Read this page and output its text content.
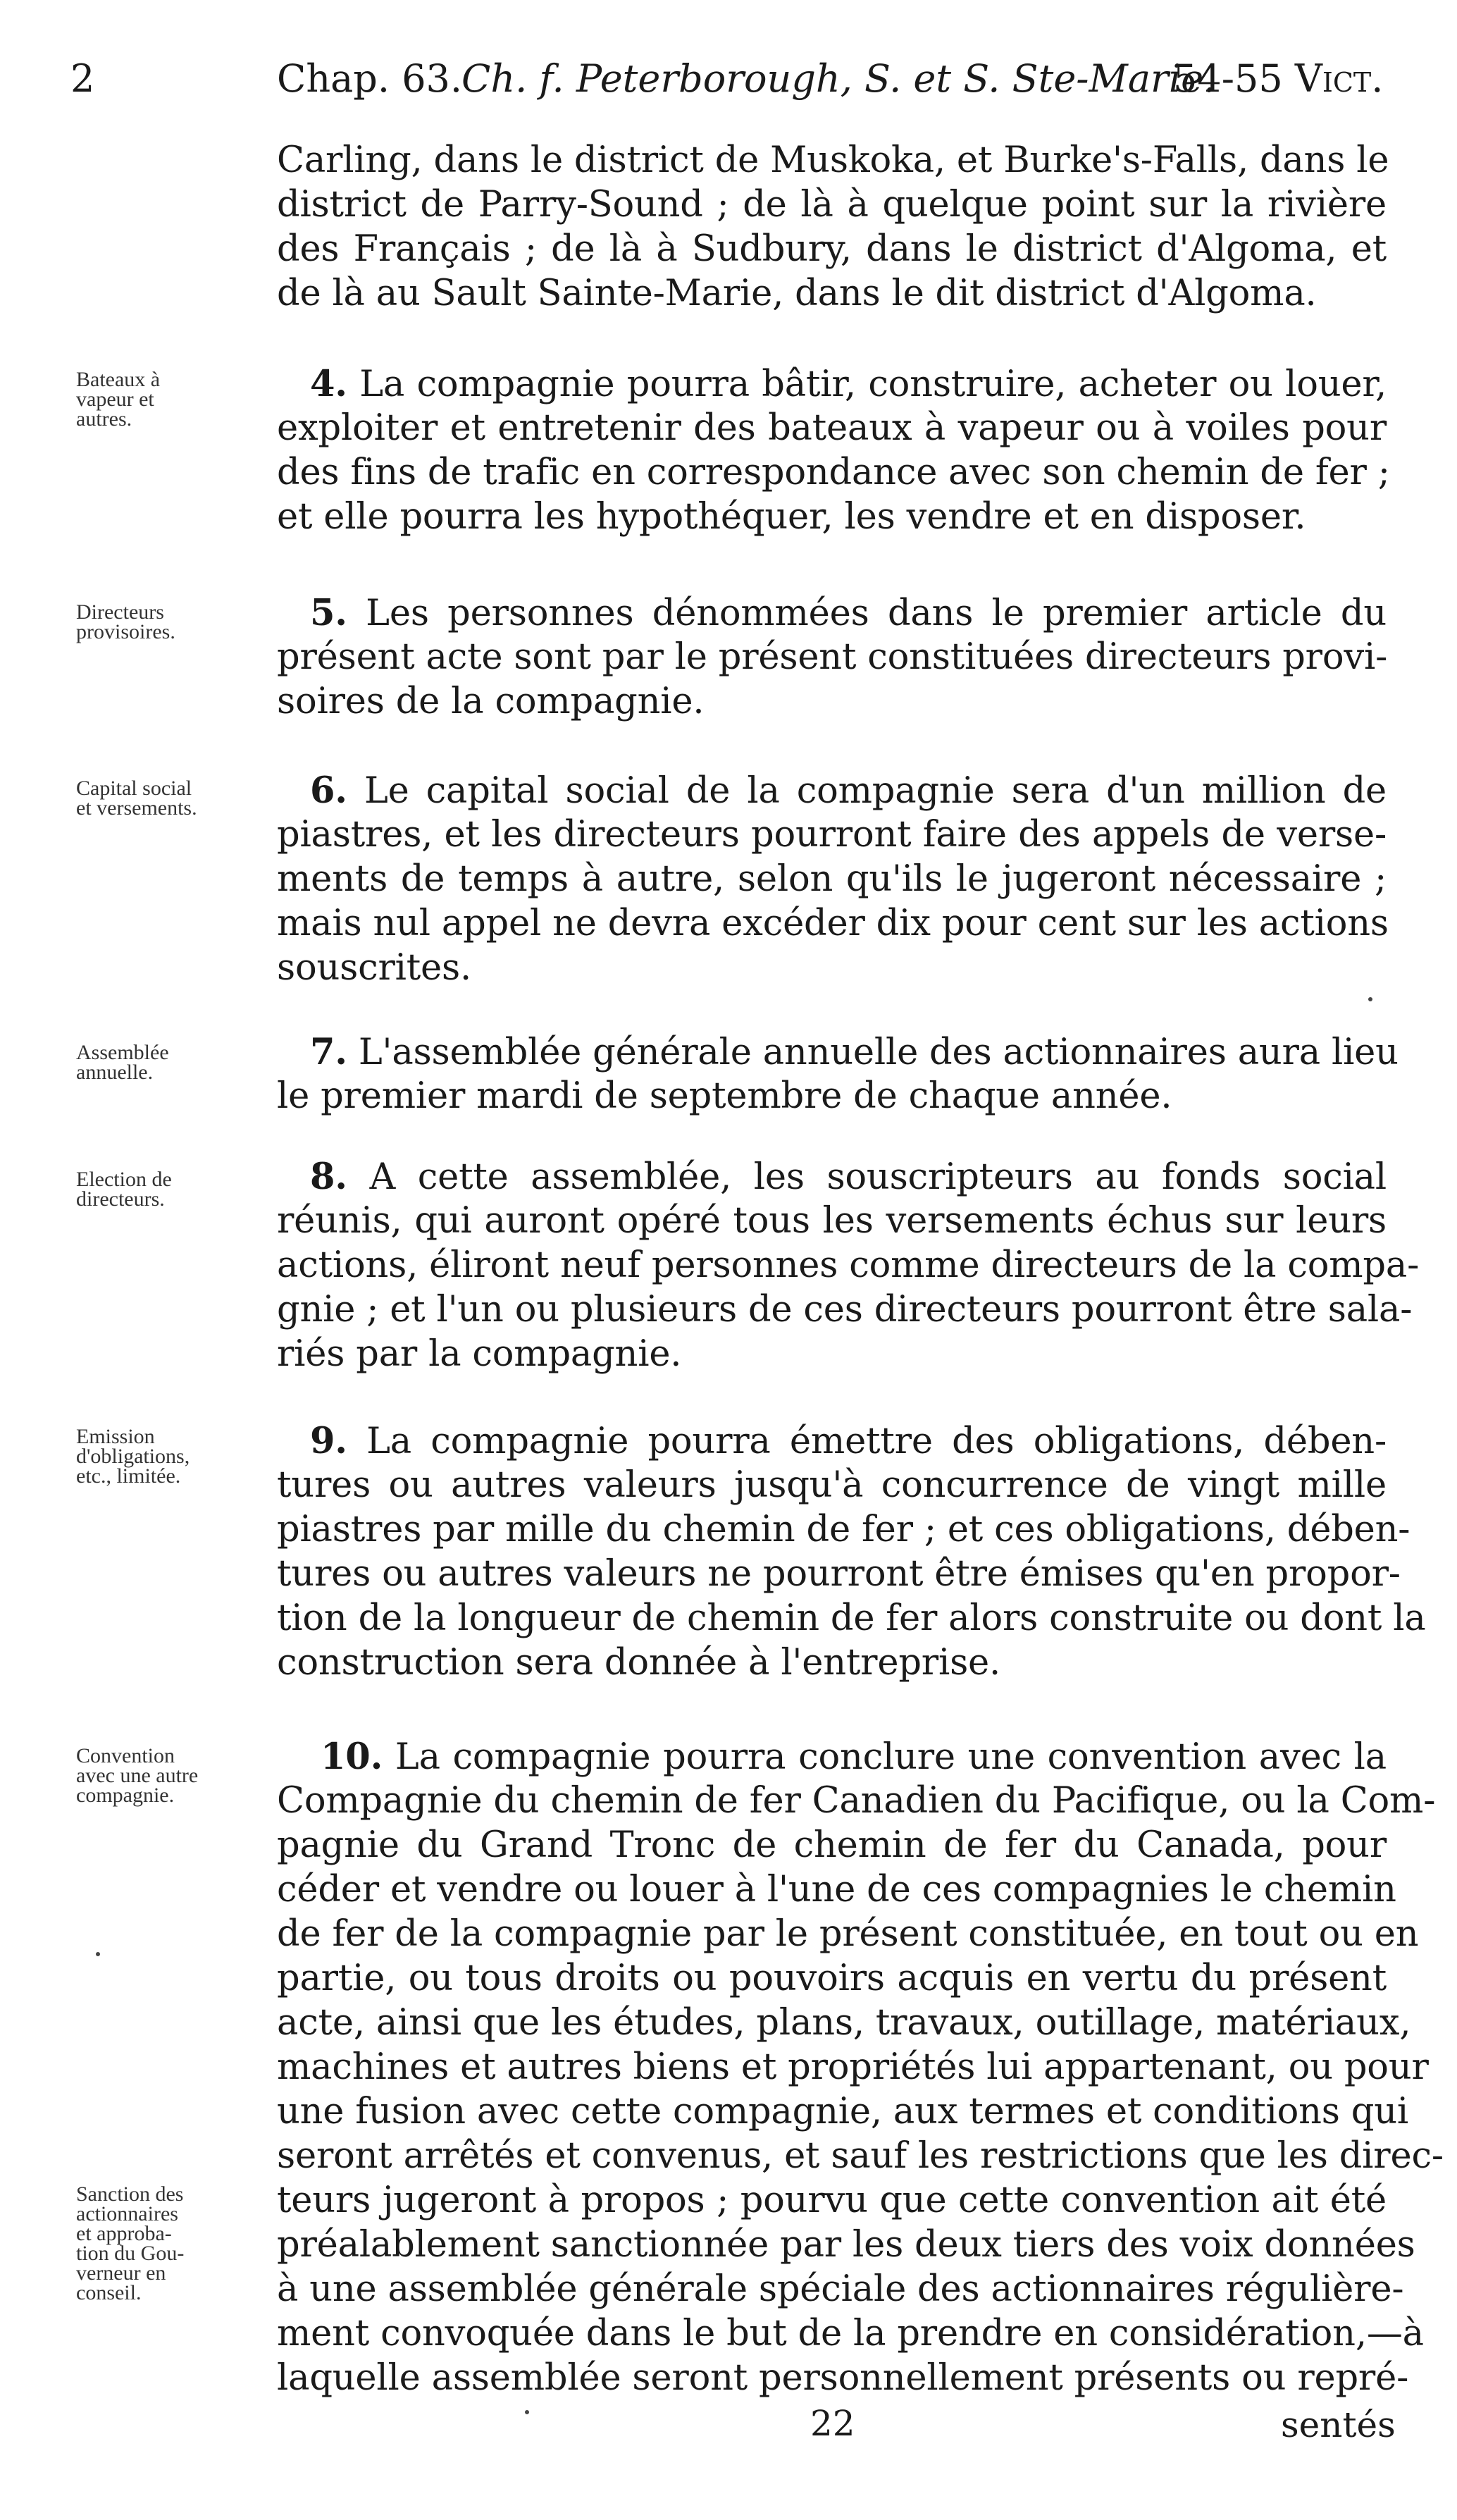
2	Chap. 63.
Ch. f. Peterborough, S. et S. Ste-Marie.
54-55 Vict.
Carling, dans le district de Muskoka, et Burke's-Falls, dans le
district de Parry-Sound ; de là à quelque point sur la rivière
des Français ; de là à Sudbury, dans le district d'Algoma, et
de là au Sault Sainte-Marie, dans le dit district d'Algoma.
Bateaux à
vapeur et
autres.
4. La compagnie pourra bâtir, construire, acheter ou louer,
exploiter et entretenir des bateaux à vapeur ou à voiles pour
des fins de trafic en correspondance avec son chemin de fer ;
et elle pourra les hypothéquer, les vendre et en disposer.
Directeurs
provisoires.	5. Les personnes dénommées dans le premier article du
présent acte sont par le présent constituées directeurs provi-
soires de la compagnie.
Capital social
et versements.	6. Le capital social de la compagnie sera d'un million de
piastres, et les directeurs pourront faire des appels de verse-
ments de temps à autre, selon qu'ils le jugeront nécessaire ;
mais nul appel ne devra excéder dix pour cent sur les actions
souscrites.
Assemblée
annuelle.	7. L'assemblée générale annuelle des actionnaires aura lieu
le premier mardi de septembre de chaque année.
Election de
directeurs.
8. A cette assemblée, les souscripteurs au fonds social
réunis, qui auront opéré tous les versements échus sur leurs
actions, éliront neuf personnes comme directeurs de la compa-
gnie ; et l'un ou plusieurs de ces directeurs pourront être sala-
riés par la compagnie.
Emission
d'obligations,
etc., limitée.
9. La compagnie pourra émettre des obligations, dében-
tures ou autres valeurs jusqu'à concurrence de vingt mille
piastres par mille du chemin de fer ; et ces obligations, dében-
tures ou autres valeurs ne pourront être émises qu'en propor-
tion de la longueur de chemin de fer alors construite ou dont la
construction sera donnée à l'entreprise.
Convention
avec une autre
compagnie.
Sanction des
actionnaires
et approba-
tion du Gou-
verneur en
conseil.
10. La compagnie pourra conclure une convention avec la
Compagnie du chemin de fer Canadien du Pacifique, ou la Com-
pagnie du Grand Tronc de chemin de fer du Canada, pour
céder et vendre ou louer à l'une de ces compagnies le chemin
de fer de la compagnie par le présent constituée, en tout ou en
partie, ou tous droits ou pouvoirs acquis en vertu du présent
acte, ainsi que les études, plans, travaux, outillage, matériaux,
machines et autres biens et propriétés lui appartenant, ou pour
une fusion avec cette compagnie, aux termes et conditions qui
seront arrêtés et convenus, et sauf les restrictions que les direc-
teurs jugeront à propos ; pourvu que cette convention ait été
préalablement sanctionnée par les deux tiers des voix données
à une assemblée générale spéciale des actionnaires régulière-
ment convoquée dans le but de la prendre en considération,—à
laquelle assemblée seront personnellement présents ou repré-
22	sentés
